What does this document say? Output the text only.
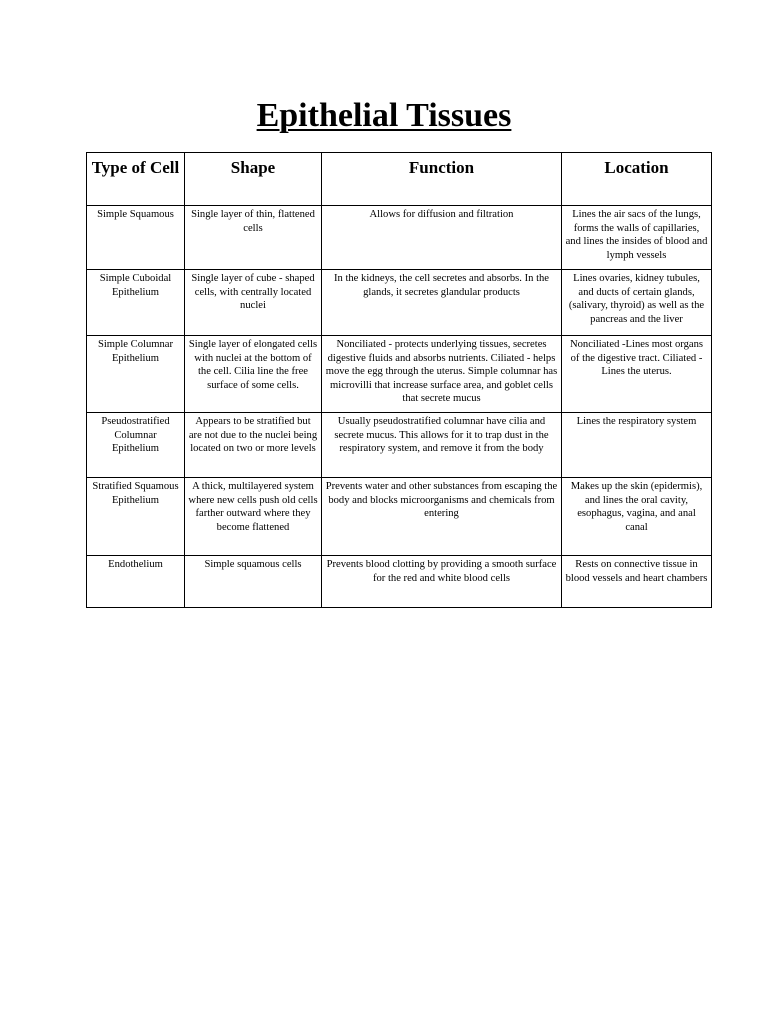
Epithelial Tissues
Type of Cell	Shape	Function	Location
Simple Squamous	Single layer of thin, flattened cells	Allows for diffusion and filtration	Lines the air sacs of the lungs, forms the walls of capillaries, and lines the insides of blood and lymph vessels
Simple Cuboidal Epithelium	Single layer of cube - shaped cells, with centrally located nuclei	In the kidneys, the cell secretes and absorbs. In the glands, it secretes glandular products	Lines ovaries, kidney tubules, and ducts of certain glands, (salivary, thyroid) as well as the pancreas and the liver
Simple Columnar Epithelium	Single layer of elongated cells with nuclei at the bottom of the cell. Cilia line the free surface of some cells.	Nonciliated - protects underlying tissues, secretes digestive fluids and absorbs nutrients. Ciliated - helps move the egg through the uterus. Simple columnar has microvilli that increase surface area, and goblet cells that secrete mucus	Nonciliated -Lines most organs of the digestive tract. Ciliated - Lines the uterus.
Pseudostratified Columnar Epithelium	Appears to be stratified but are not due to the nuclei being located on two or more levels	Usually pseudostratified columnar have cilia and secrete mucus. This allows for it to trap dust in the respiratory system, and remove it from the body	Lines the respiratory system
Stratified Squamous Epithelium	A thick, multilayered system where new cells push old cells farther outward where they become flattened	Prevents water and other substances from escaping the body and blocks microorganisms and chemicals from entering	Makes up the skin (epidermis), and lines the oral cavity, esophagus, vagina, and anal canal
Endothelium	Simple squamous cells	Prevents blood clotting by providing a smooth surface for the red and white blood cells	Rests on connective tissue in blood vessels and heart chambers
